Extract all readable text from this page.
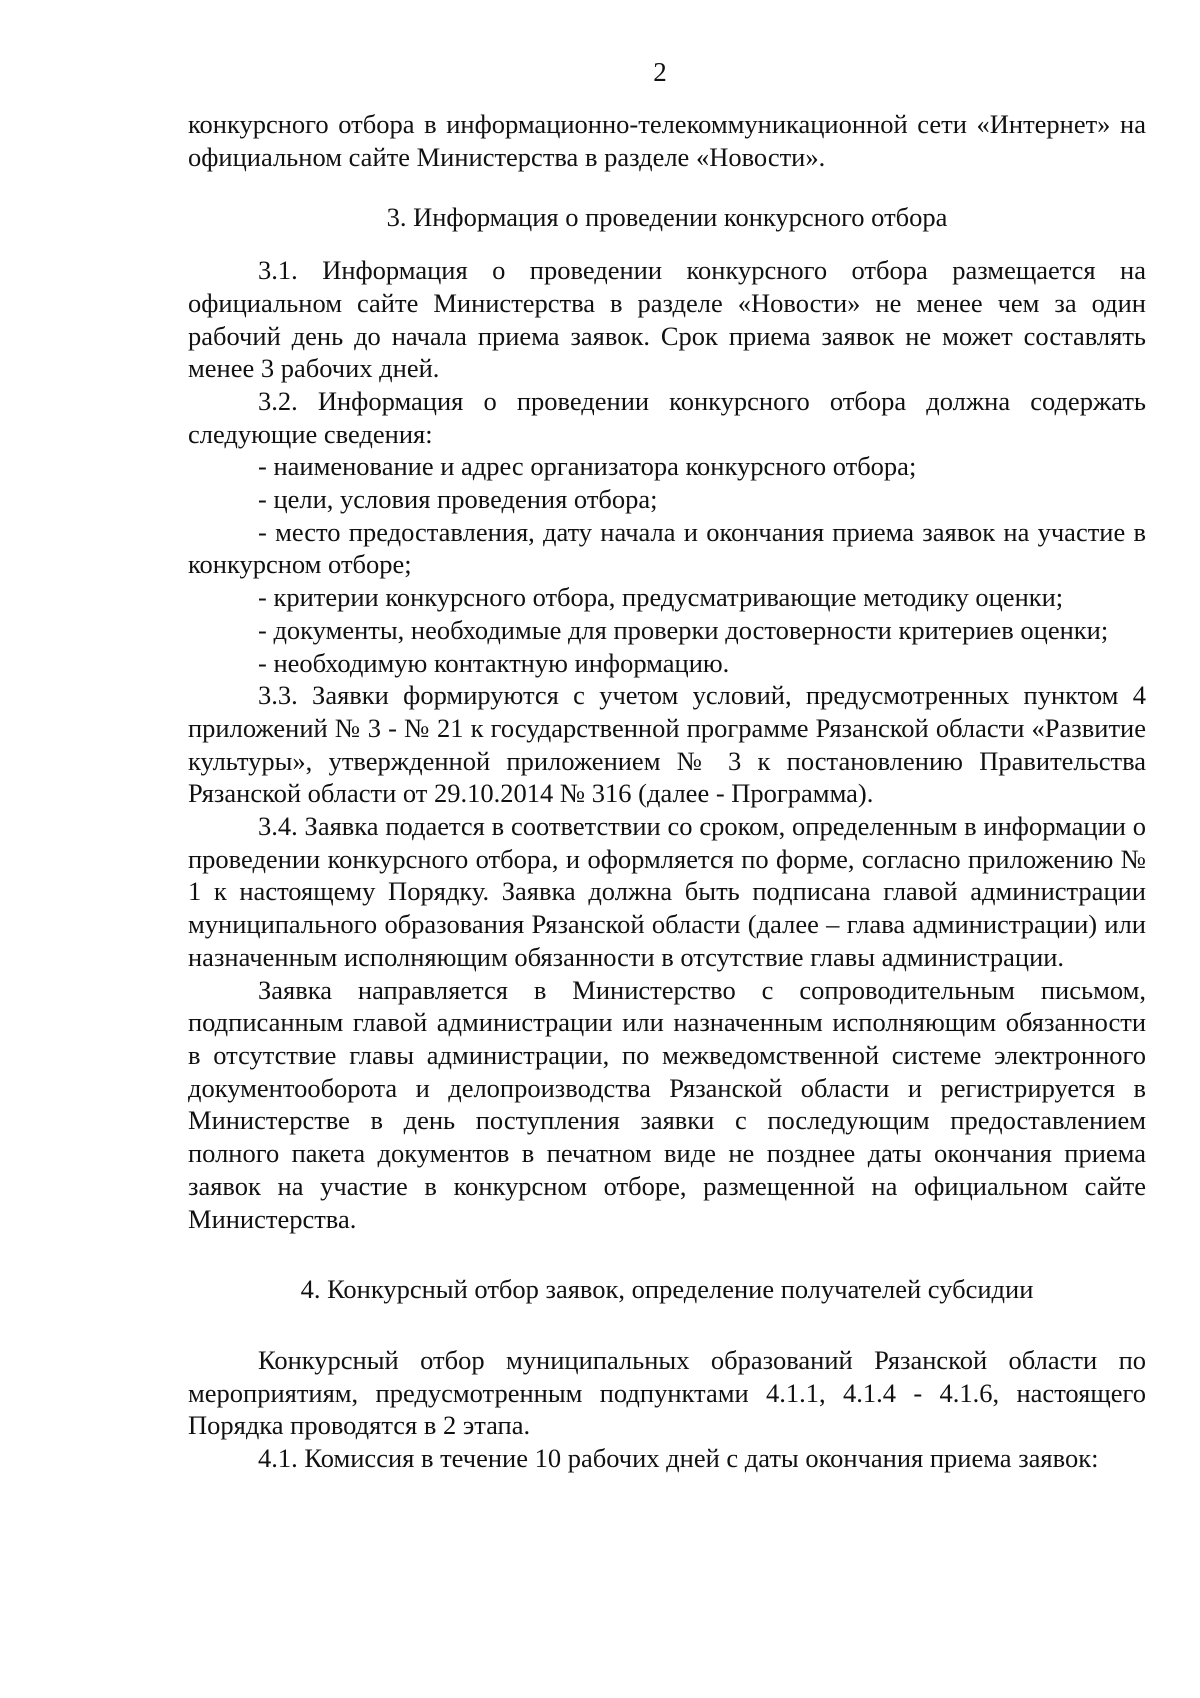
2

конкурсного отбора в информационно-телекоммуникационной сети «Интернет» на официальном сайте Министерства в разделе «Новости».

3. Информация о проведении конкурсного отбора

3.1. Информация о проведении конкурсного отбора размещается на официальном сайте Министерства в разделе «Новости» не менее чем за один рабочий день до начала приема заявок. Срок приема заявок не может составлять менее 3 рабочих дней.

3.2. Информация о проведении конкурсного отбора должна содержать следующие сведения:

- наименование и адрес организатора конкурсного отбора;

- цели, условия проведения отбора;

- место предоставления, дату начала и окончания приема заявок на участие в конкурсном отборе;

- критерии конкурсного отбора, предусматривающие методику оценки;

- документы, необходимые для проверки достоверности критериев оценки;

- необходимую контактную информацию.

3.3. Заявки формируются с учетом условий, предусмотренных пунктом 4 приложений № 3 - № 21 к государственной программе Рязанской области «Развитие культуры», утвержденной приложением № 3 к постановлению Правительства Рязанской области от 29.10.2014 № 316 (далее - Программа).

3.4. Заявка подается в соответствии со сроком, определенным в информации о проведении конкурсного отбора, и оформляется по форме, согласно приложению № 1 к настоящему Порядку. Заявка должна быть подписана главой администрации муниципального образования Рязанской области (далее – глава администрации) или назначенным исполняющим обязанности в отсутствие главы администрации.

Заявка направляется в Министерство с сопроводительным письмом, подписанным главой администрации или назначенным исполняющим обязанности в отсутствие главы администрации, по межведомственной системе электронного документооборота и делопроизводства Рязанской области и регистрируется в Министерстве в день поступления заявки с последующим предоставлением полного пакета документов в печатном виде не позднее даты окончания приема заявок на участие в конкурсном отборе, размещенной на официальном сайте Министерства.

4. Конкурсный отбор заявок, определение получателей субсидии

Конкурсный отбор муниципальных образований Рязанской области по мероприятиям, предусмотренным подпунктами 4.1.1, 4.1.4 - 4.1.6, настоящего Порядка проводятся в 2 этапа.

4.1. Комиссия в течение 10 рабочих дней с даты окончания приема заявок:
